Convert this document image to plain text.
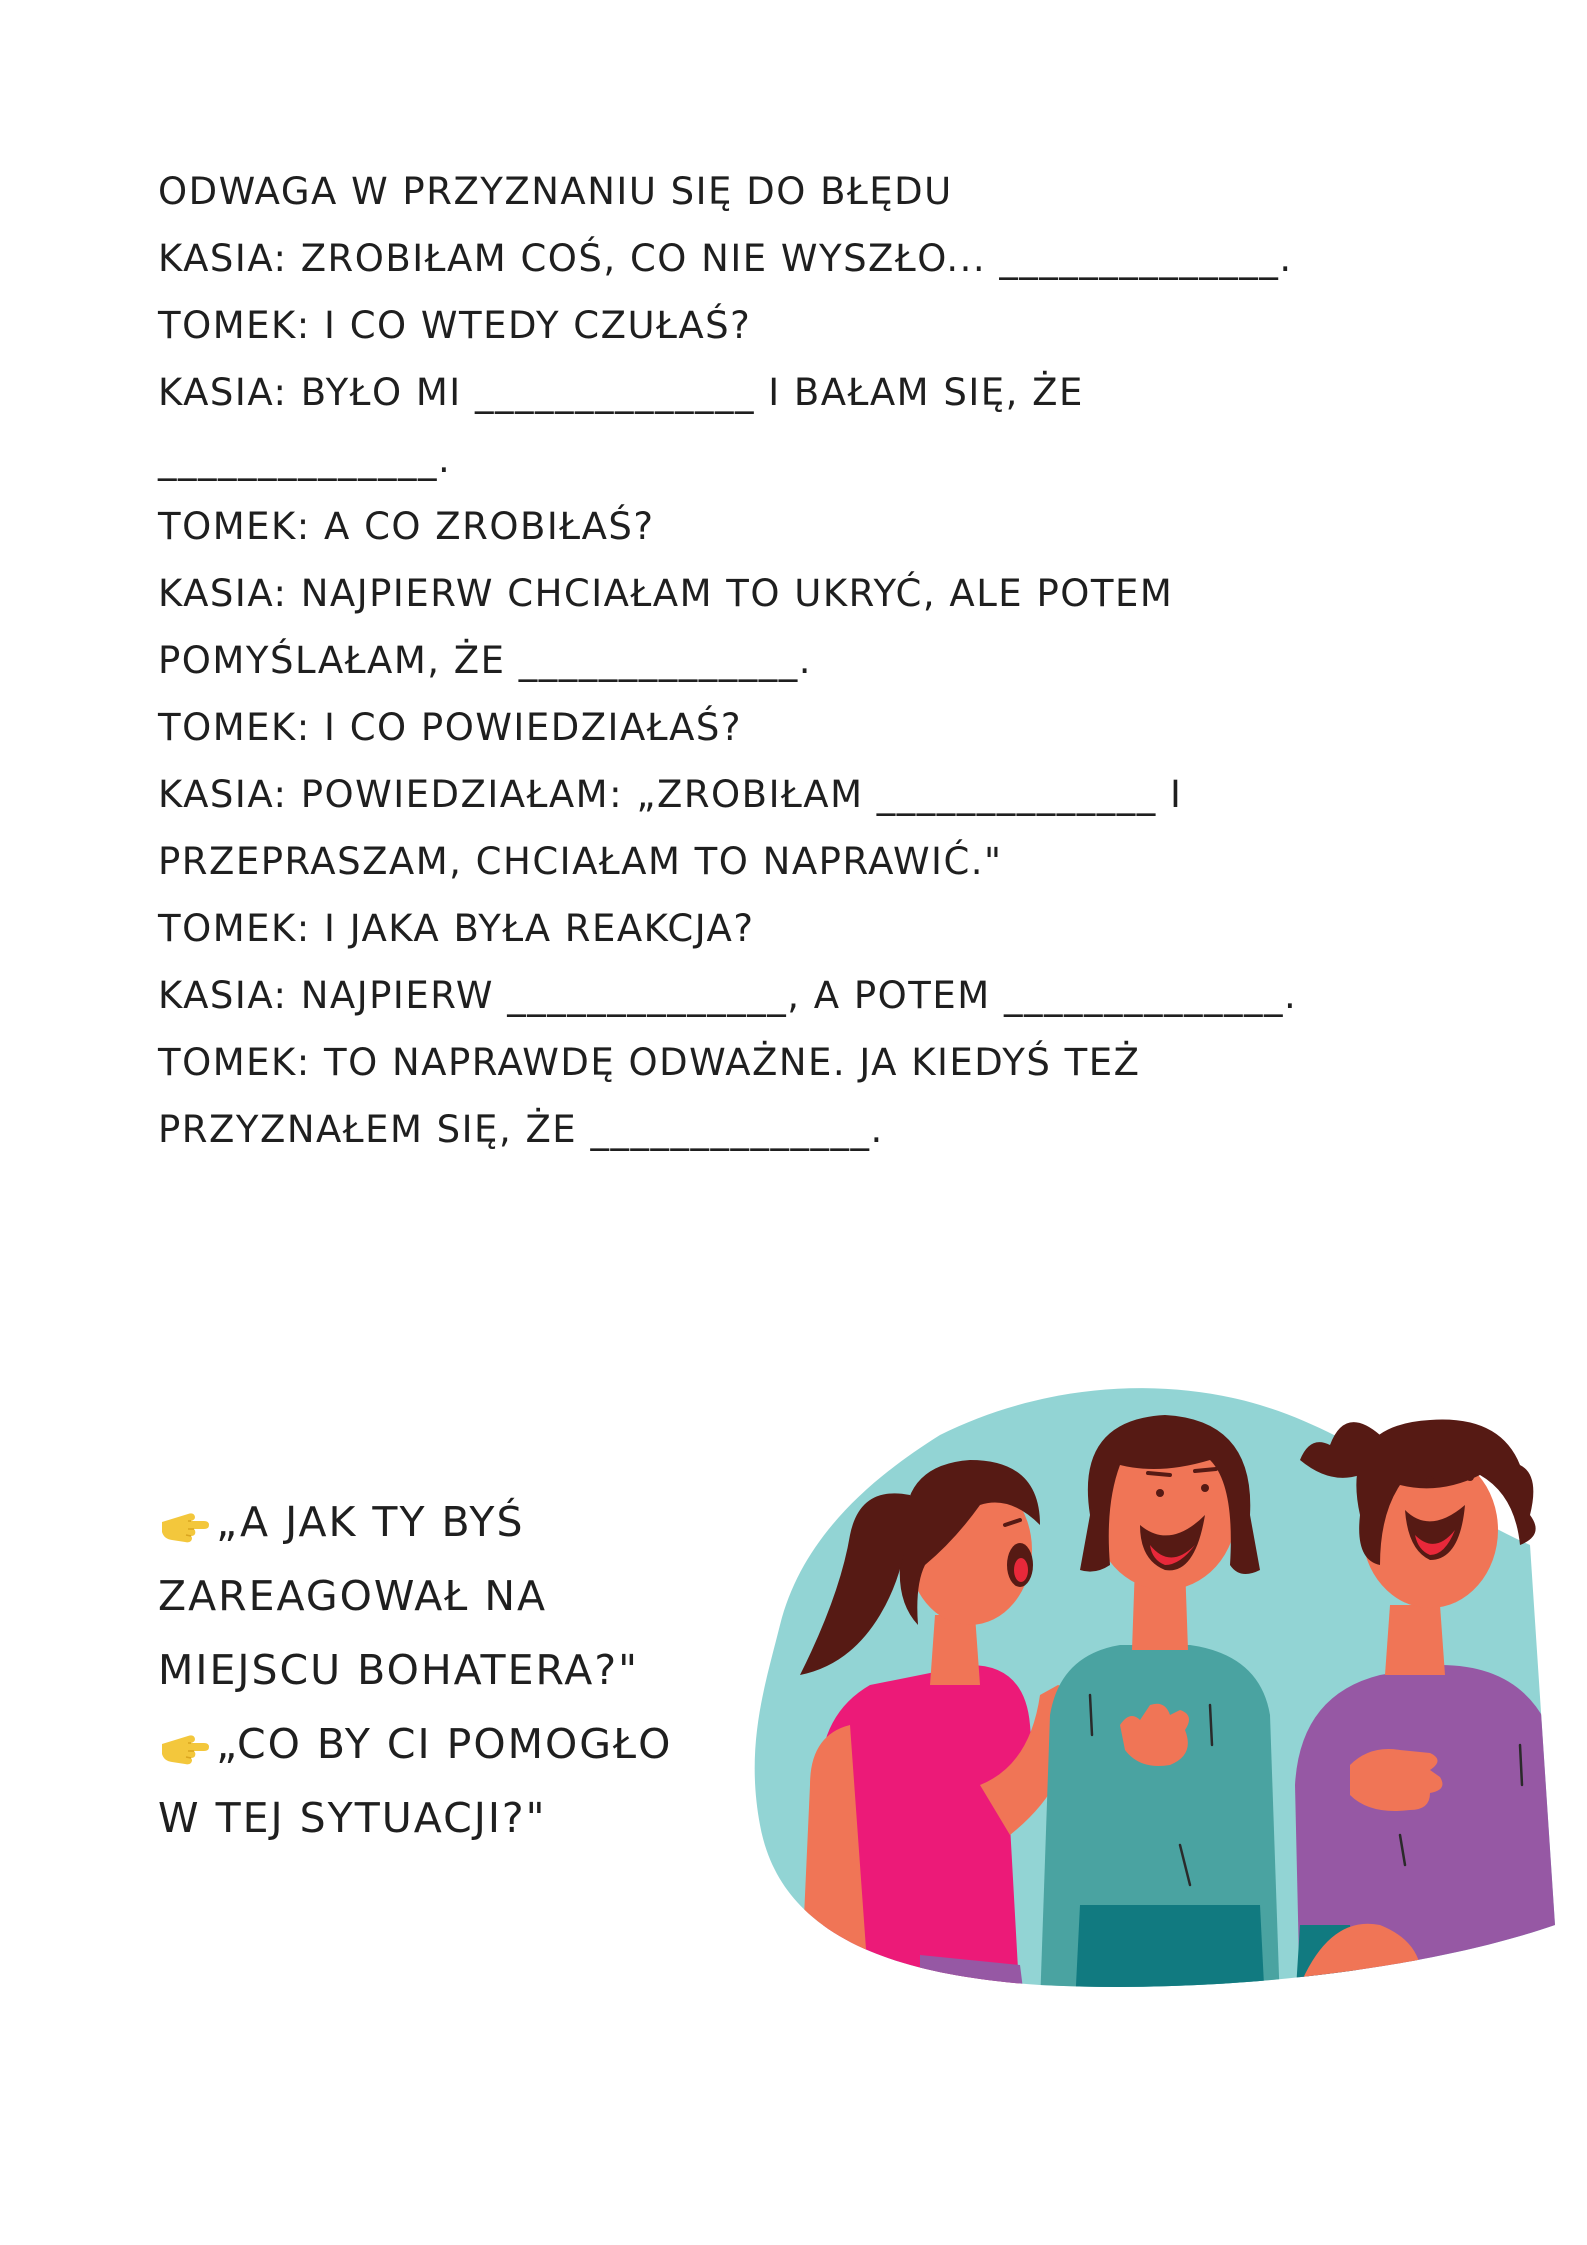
ODWAGA W PRZYZNANIU SIĘ DO BŁĘDU
KASIA: ZROBIŁAM COŚ, CO NIE WYSZŁO... ______________.
TOMEK: I CO WTEDY CZUŁAŚ?
KASIA: BYŁO MI ______________ I BAŁAM SIĘ, ŻE
______________.
TOMEK: A CO ZROBIŁAŚ?
KASIA: NAJPIERW CHCIAŁAM TO UKRYĆ, ALE POTEM
POMYŚLAŁAM, ŻE ______________.
TOMEK: I CO POWIEDZIAŁAŚ?
KASIA: POWIEDZIAŁAM: „ZROBIŁAM ______________ I
PRZEPRASZAM, CHCIAŁAM TO NAPRAWIĆ."
TOMEK: I JAKA BYŁA REAKCJA?
KASIA: NAJPIERW ______________, A POTEM ______________.
TOMEK: TO NAPRAWDĘ ODWAŻNE. JA KIEDYŚ TEŻ
PRZYZNAŁEM SIĘ, ŻE ______________.
„A JAK TY BYŚ
ZAREAGOWAŁ NA
MIEJSCU BOHATERA?"
„CO BY CI POMOGŁO
W TEJ SYTUACJI?"
